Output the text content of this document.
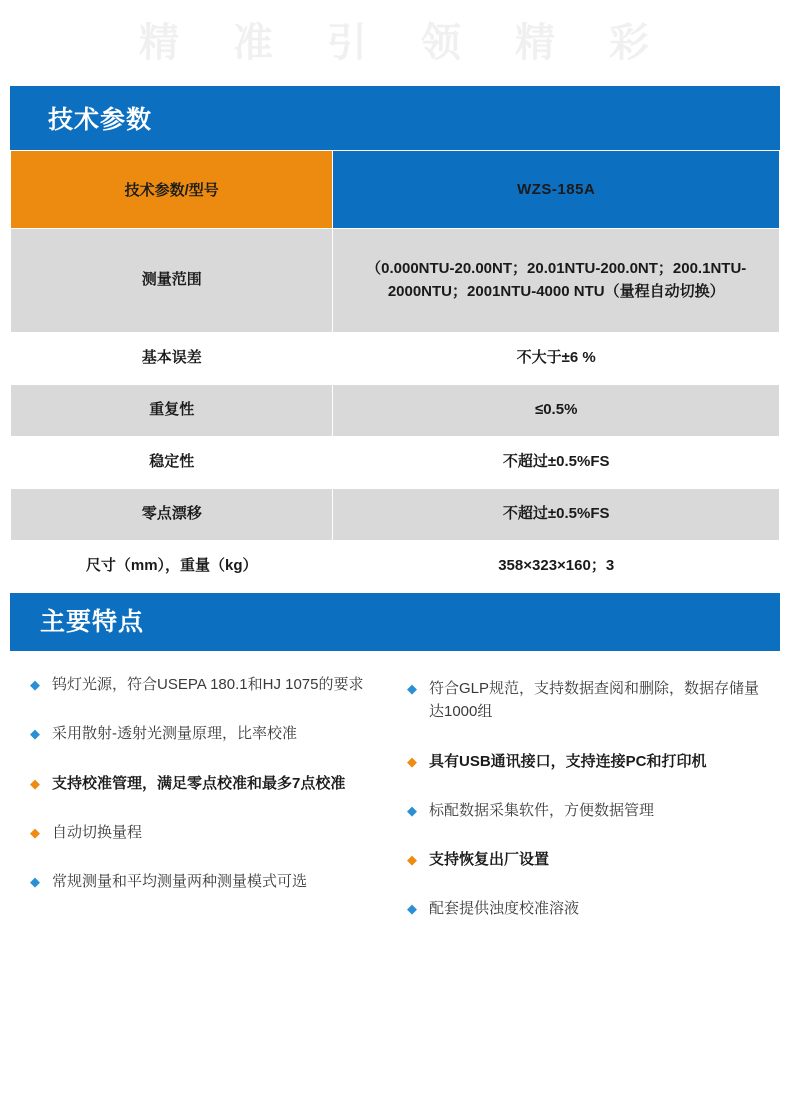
精 准 引 领 精 彩
技术参数
技术参数/型号	WZS-185A
测量范围	（0.000NTU-20.00NT；20.01NTU-200.0NT；200.1NTU-2000NTU；2001NTU-4000 NTU（量程自动切换）
基本误差	不大于±6 %
重复性	≤0.5%
稳定性	不超过±0.5%FS
零点漂移	不超过±0.5%FS
尺寸（mm），重量（kg）	358×323×160；3
主要特点
◆ 钨灯光源，符合USEPA 180.1和HJ 1075的要求
◆ 采用散射-透射光测量原理，比率校准
◆ 支持校准管理，满足零点校准和最多7点校准
◆ 自动切换量程
◆ 常规测量和平均测量两种测量模式可选
◆ 符合GLP规范，支持数据查阅和删除，数据存储量达1000组
◆ 具有USB通讯接口，支持连接PC和打印机
◆ 标配数据采集软件，方便数据管理
◆ 支持恢复出厂设置
◆ 配套提供浊度校准溶液
